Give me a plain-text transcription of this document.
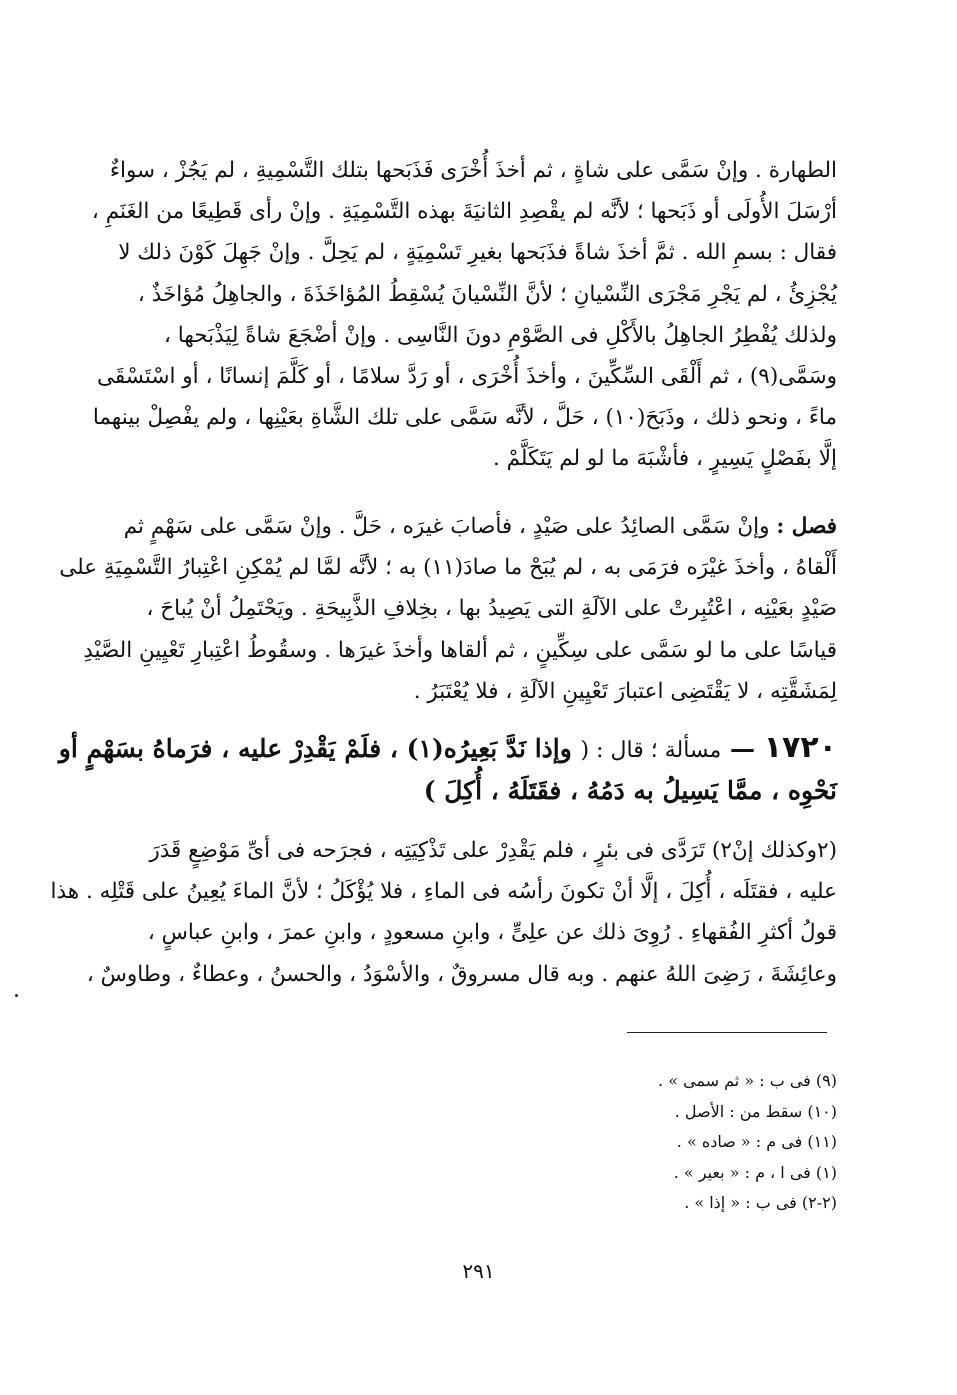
الطهارة . وإنْ سَمَّى على شاةٍ ، ثم أخذَ أُخْرَى فَذَبَحها بتلك التَّسْمِيةِ ، لم يَجُزْ ، سواءٌ
أرْسَلَ الأُولَى أو ذَبَحها ؛ لأنَّه لم يقْصِدِ الثانيَةَ بهذه التَّسْمِيَةِ . وإنْ رأى قَطِيعًا من الغَنَمِ ،
فقال : بسمِ الله . ثمَّ أخذَ شاةً فذَبَحها بغيرِ تَسْمِيَةٍ ، لم يَحِلَّ . وإنْ جَهِلَ كَوْنَ ذلك لا
يُجْزِئُ ، لم يَجْرِ مَجْرَى النِّسْيانِ ؛ لأنَّ النِّسْيانَ يُسْقِطُ المُؤاخَذَةَ ، والجاهِلُ مُؤاخَذٌ ،
ولذلك يُفْطِرُ الجاهِلُ بالأَكْلِ فى الصَّوْمِ دونَ النَّاسِى . وإنْ أضْجَعَ شاةً لِيَذْبَحها ،
وسَمَّى(٩) ، ثم أَلْقَى السِّكِّينَ ، وأخذَ أُخْرَى ، أو رَدَّ سلامًا ، أو كَلَّمَ إنسانًا ، أو اسْتَسْقَى
ماءً ، ونحو ذلك ، وذَبَحَ(١٠) ، حَلَّ ، لأنَّه سَمَّى على تلك الشَّاةِ بعَيْنِها ، ولم يفْصِلْ بينهما
إلَّا بفَصْلٍ يَسِيرٍ ، فأشْبَهَ ما لو لم يَتَكَلَّمْ .
فصل : وإنْ سَمَّى الصائِدُ على صَيْدٍ ، فأصابَ غيرَه ، حَلَّ . وإنْ سَمَّى على سَهْمٍ ثم
أَلْقاهُ ، وأخذَ غيْرَه فرَمَى به ، لم يُبَحْ ما صادَ(١١) به ؛ لأنَّه لمَّا لم يُمْكِنِ اعْتِبارُ التَّسْمِيَةِ على
صَيْدٍ بعَيْنِه ، اعْتُبِرتْ على الآلَةِ التى يَصِيدُ بها ، بخِلافِ الذَّبِيحَةِ . ويَحْتَمِلُ أنْ يُباحَ ،
قياسًا على ما لو سَمَّى على سِكِّينٍ ، ثم ألقاها وأخذَ غيرَها . وسقُوطُ اعْتِبارِ تَعْيِينِ الصَّيْدِ
لِمَشَقَّتِه ، لا يَقْتَضِى اعتبارَ تَعْيِينِ الآلَةِ ، فلا يُعْتَبَرُ .
١٧٢٠ — مسألة ؛ قال : ( وإذا نَدَّ بَعِيرُه(١) ، فلَمْ يَقْدِرْ عليه ، فرَماهُ بسَهْمٍ أو
نَحْوِه ، ممَّا يَسِيلُ به دَمُهُ ، فقَتَلَهُ ، أُكِلَ )
(٢وكذلك إنْ٢) تَرَدَّى فى بئرٍ ، فلم يَقْدِرْ على تَذْكِيَتِه ، فجرَحه فى أىِّ مَوْضِعٍ قَدَرَ
عليه ، فقتَلَه ، أُكِلَ ، إلَّا أنْ تكونَ رأسُه فى الماءِ ، فلا يُؤْكَلُ ؛ لأنَّ الماءَ يُعِينُ على قَتْلِه . هذا
قولُ أكثرِ الفُقهاءِ . رُوِىَ ذلك عن علِىٍّ ، وابنِ مسعودٍ ، وابنِ عمرَ ، وابنِ عباسٍ ،
وعائِشَةَ ، رَضِىَ اللهُ عنهم . وبه قال مسروقٌ ، والأسْوَدُ ، والحسنُ ، وعطاءٌ ، وطاوسٌ ،
(٩) فى ب : « ثم سمى » .
(١٠) سقط من : الأصل .
(١١) فى م : « صاده » .
(١) فى ا ، م : « بعير » .
(٢-٢) فى ب : « إذا » .
٢٩١
